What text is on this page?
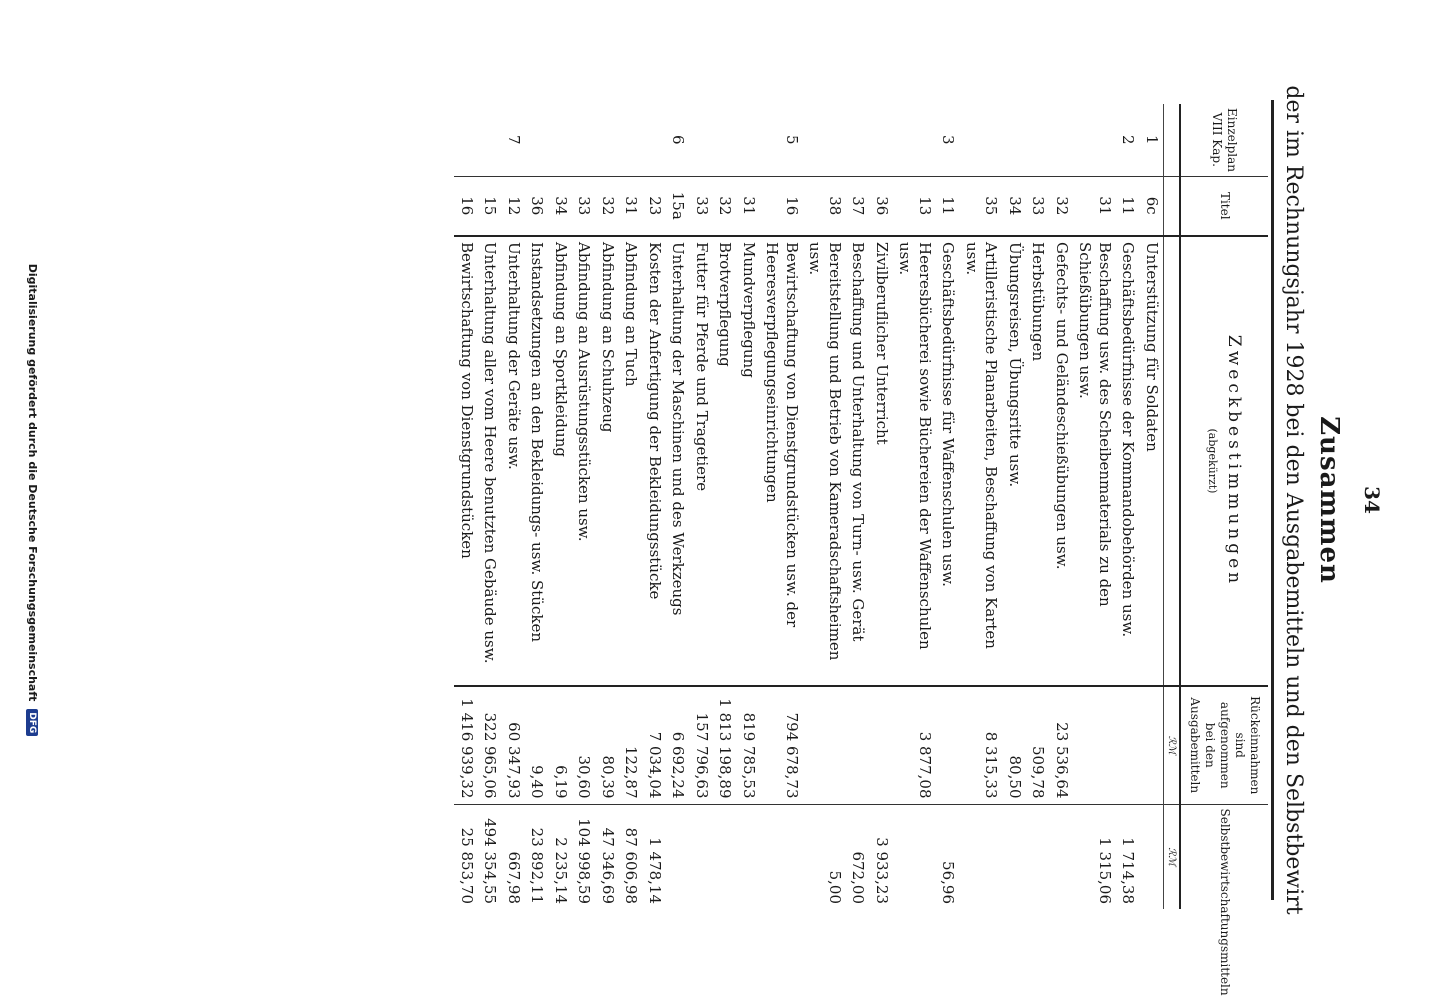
34
Zusammen
der im Rechnungsjahr 1928 bei den Ausgabemitteln und den Selbstbewirt
Einzelplan VIII Kap.	Titel	Zweckbestimmungen
(abgekürzt)	Rückeinnahmen sind aufgenommen bei den Ausgabemitteln	Selbstbewirtschaftungsmitteln
			ℛℳ	ℛℳ
1	6c	Unterstützung für Soldaten		
2	11	Geschäftsbedürfnisse der Kommandobehörden usw.		1 714,38
	31	Beschaffung usw. des Scheibenmaterials zu den Schießübungen usw.		1 315,06
	32	Gefechts- und Geländeschießübungen usw.	23 536,64	
	33	Herbstübungen	509,78	
	34	Übungsreisen, Übungsritte usw.	80,50	
	35	Artilleristische Planarbeiten, Beschaffung von Karten usw.	8 315,33	
3	11	Geschäftsbedürfnisse für Waffenschulen usw.		56,96
	13	Heeresbücherei sowie Büchereien der Waffenschulen usw.	3 877,08	
	36	Zivilberuflicher Unterricht		3 933,23
	37	Beschaffung und Unterhaltung von Turn- usw. Gerät		672,00
	38	Bereitstellung und Betrieb von Kameradschaftsheimen usw.		5,00
5	16	Bewirtschaftung von Dienstgrundstücken usw. der Heeresverpflegungseinrichtungen	794 678,73	
	31	Mundverpflegung	819 785,53	
	32	Brotverpflegung	1 813 198,89	
	33	Futter für Pferde und Tragetiere	157 796,63	
6	15a	Unterhaltung der Maschinen und des Werkzeugs	6 692,24	
	23	Kosten der Anfertigung der Bekleidungsstücke	7 034,04	1 478,14
	31	Abfindung an Tuch	122,87	87 606,98
	32	Abfindung an Schuhzeug	80,39	47 346,69
	33	Abfindung an Ausrüstungsstücken usw.	30,60	104 998,59
	34	Abfindung an Sportkleidung	6,19	2 235,14
	36	Instandsetzungen an den Bekleidungs- usw. Stücken	9,40	23 892,11
7	12	Unterhaltung der Geräte usw.	60 347,93	667,98
	15	Unterhaltung aller vom Heere benutzten Gebäude usw.	322 965,06	494 354,55
	16	Bewirtschaftung von Dienstgrundstücken	1 416 939,32	25 853,70
Digitalisierung gefördert durch die Deutsche Forschungsgemeinschaft DFG
